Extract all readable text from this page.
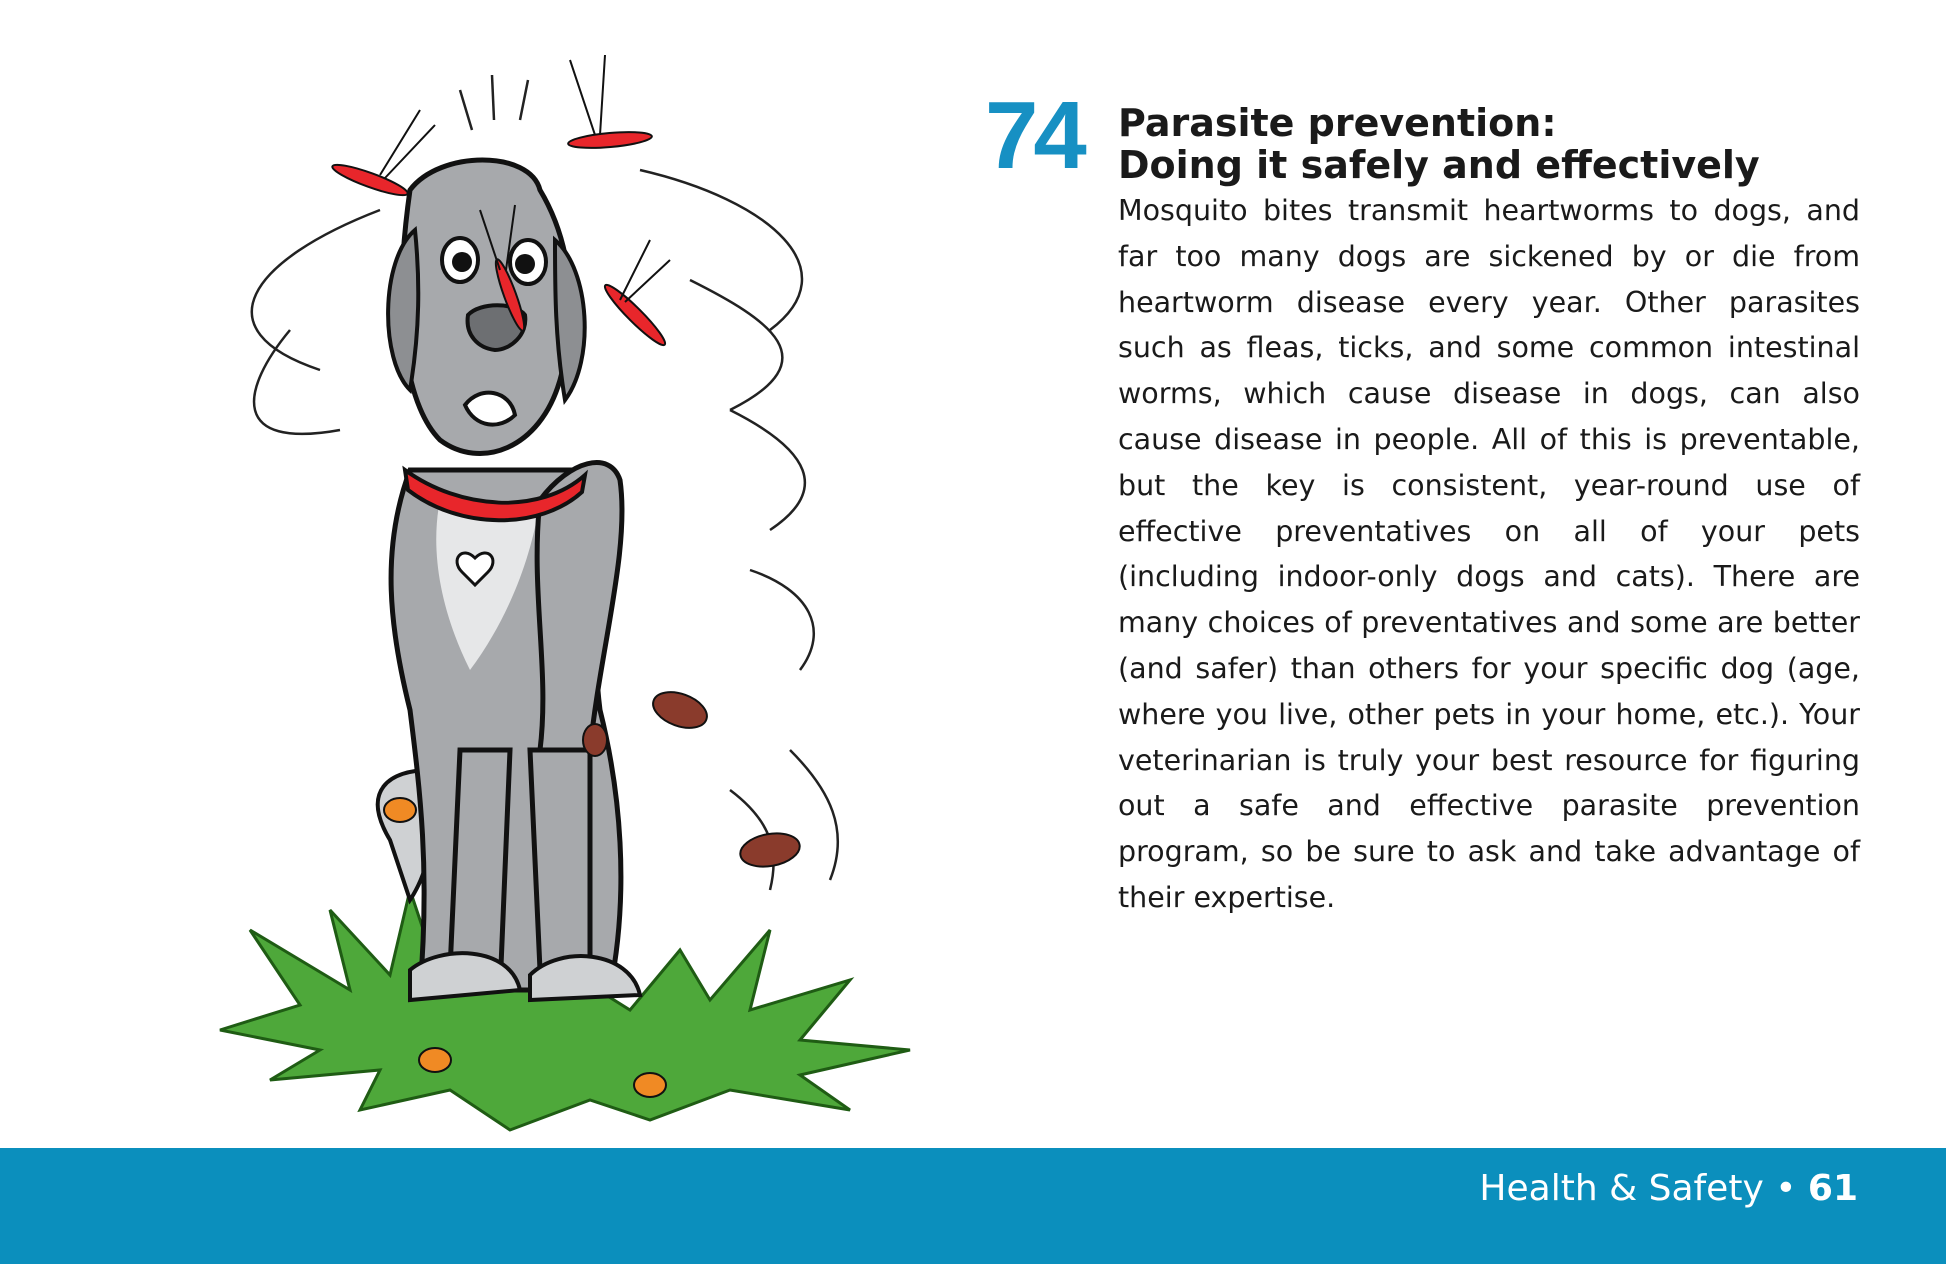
74 Parasite prevention:
Doing it safely and effectively

Mosquito bites transmit heartworms to dogs, and far too many dogs are sickened by or die from heartworm disease every year. Other parasites such as fleas, ticks, and some common intestinal worms, which cause disease in dogs, can also cause disease in people. All of this is preventable, but the key is consistent, year-round use of effective preventatives on all of your pets (including indoor-only dogs and cats). There are many choices of preventatives and some are better (and safer) than others for your specific dog (age, where you live, other pets in your home, etc.). Your veterinarian is truly your best resource for figuring out a safe and effective parasite prevention program, so be sure to ask and take advantage of their expertise.

Health & Safety • 61
